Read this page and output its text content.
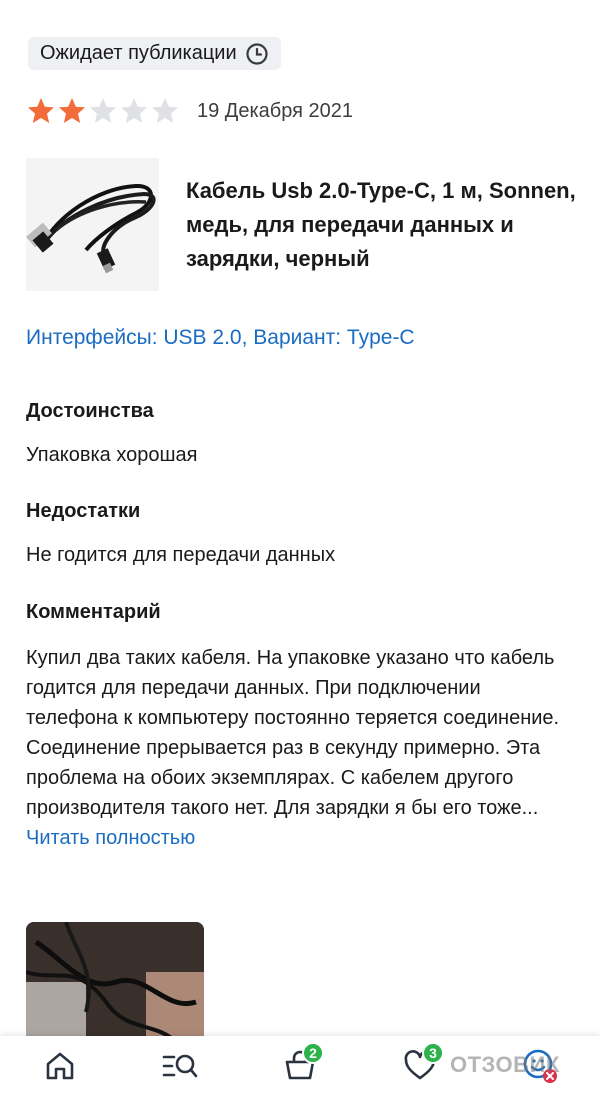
Ожидает публикации
19 Декабря 2021
Кабель Usb 2.0-Type-C, 1 м, Sonnen, медь, для передачи данных и зарядки, черный
Интерфейсы: USB 2.0, Вариант: Type-C
Достоинства
Упаковка хорошая
Недостатки
Не годится для передачи данных
Комментарий
Купил два таких кабеля. На упаковке указано что кабель годится для передачи данных. При подключении телефона к компьютеру постоянно теряется соединение. Соединение прерывается раз в секунду примерно. Эта проблема на обоих экземплярах. С кабелем другого производителя такого нет. Для зарядки я бы его тоже...  Читать полностью
2	3 ОТЗОВИК
